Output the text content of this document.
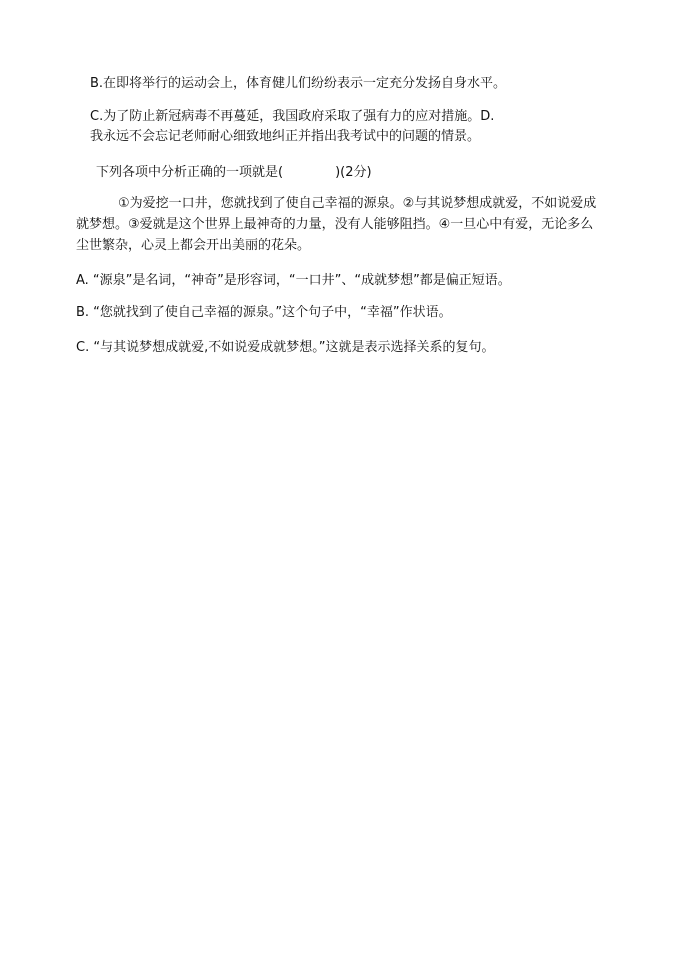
B.在即将举行的运动会上，体育健儿们纷纷表示一定充分发扬自身水平。
C.为了防止新冠病毒不再蔓延，我国政府采取了强有力的应对措施。D.
我永远不会忘记老师耐心细致地纠正并指出我考试中的问题的情景。
下列各项中分析正确的一项就是(　　　　)(2分)
①为爱挖一口井，您就找到了使自己幸福的源泉。②与其说梦想成就爱，不如说爱成
就梦想。③爱就是这个世界上最神奇的力量，没有人能够阻挡。④一旦心中有爱，无论多么
尘世繁杂，心灵上都会开出美丽的花朵。
A. “源泉”是名词，“神奇”是形容词，“一口井”、“成就梦想”都是偏正短语。
B. “您就找到了使自己幸福的源泉。”这个句子中，“幸福”作状语。
C. “与其说梦想成就爱,不如说爱成就梦想。”这就是表示选择关系的复句。
